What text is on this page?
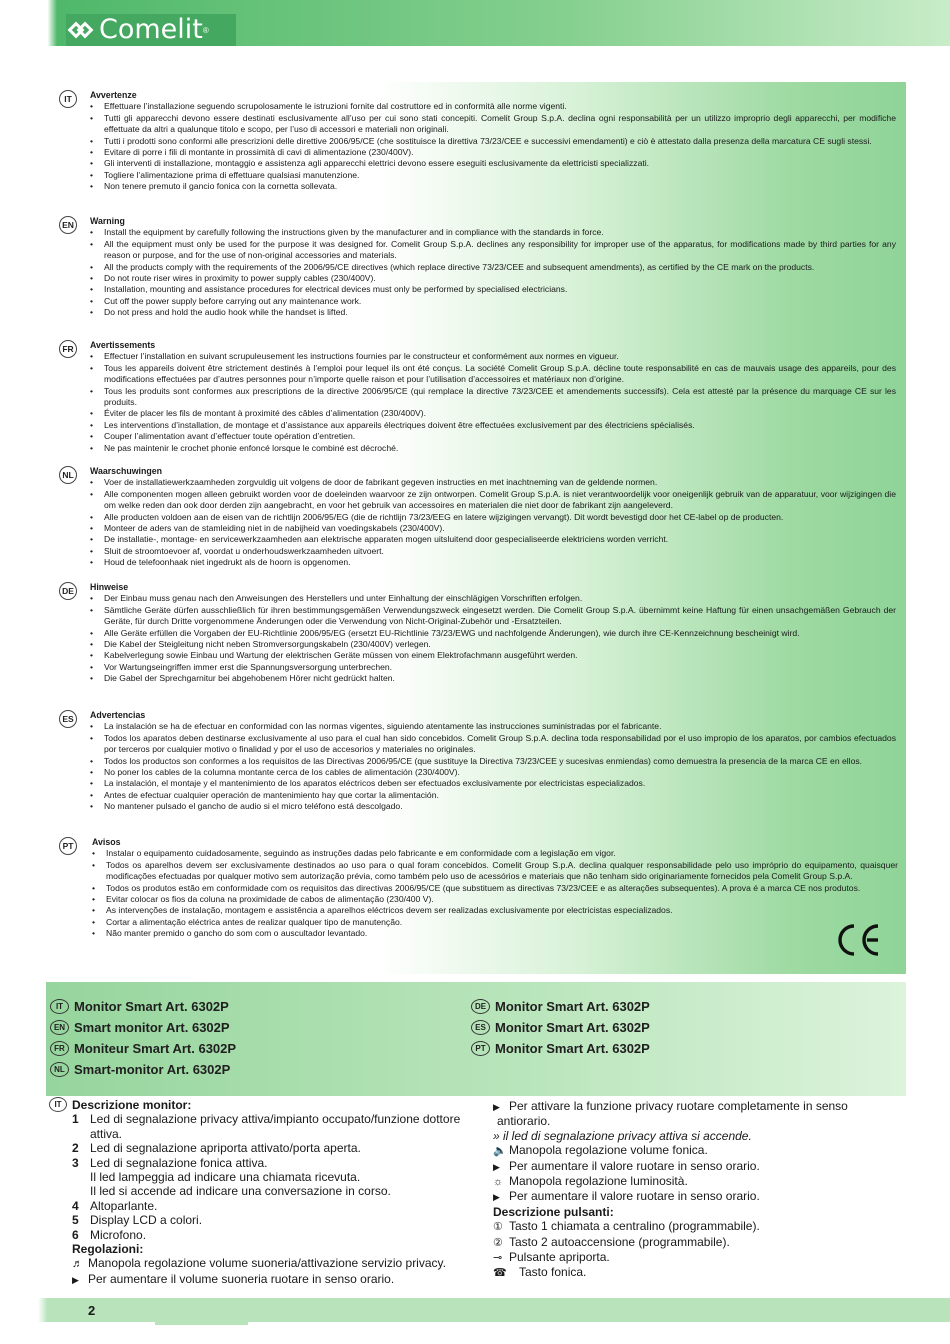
Comelit ®
IT	Avvertenze
• Effettuare l’installazione seguendo scrupolosamente le istruzioni fornite dal costruttore ed in conformità alle norme vigenti.
• Tutti gli apparecchi devono essere destinati esclusivamente all’uso per cui sono stati concepiti. Comelit Group S.p.A. declina ogni responsabilità per un utilizzo improprio degli apparecchi, per modifiche effettuate da altri a qualunque titolo e scopo, per l’uso di accessori e materiali non originali.
• Tutti i prodotti sono conformi alle prescrizioni delle direttive 2006/95/CE (che sostituisce la direttiva 73/23/CEE e successivi emendamenti) e ciò è attestato dalla presenza della marcatura CE sugli stessi.
• Evitare di porre i fili di montante in prossimità di cavi di alimentazione (230/400V).
• Gli interventi di installazione, montaggio e assistenza agli apparecchi elettrici devono essere eseguiti esclusivamente da elettricisti specializzati.
• Togliere l’alimentazione prima di effettuare qualsiasi manutenzione.
• Non tenere premuto il gancio fonica con la cornetta sollevata.
EN	Warning
• Install the equipment by carefully following the instructions given by the manufacturer and in compliance with the standards in force.
• All the equipment must only be used for the purpose it was designed for. Comelit Group S.p.A. declines any responsibility for improper use of the apparatus, for modifications made by third parties for any reason or purpose, and for the use of non-original accessories and materials.
• All the products comply with the requirements of the 2006/95/CE directives (which replace directive 73/23/CEE and subsequent amendments), as certified by the CE mark on the products.
• Do not route riser wires in proximity to power supply cables (230/400V).
• Installation, mounting and assistance procedures for electrical devices must only be performed by specialised electricians.
• Cut off the power supply before carrying out any maintenance work.
• Do not press and hold the audio hook while the handset is lifted.
FR	Avertissements
• Effectuer l’installation en suivant scrupuleusement les instructions fournies par le constructeur et conformément aux normes en vigueur.
• Tous les appareils doivent être strictement destinés à l’emploi pour lequel ils ont été conçus. La société Comelit Group S.p.A. décline toute responsabilité en cas de mauvais usage des appareils, pour des modifications effectuées par d’autres personnes pour n’importe quelle raison et pour l’utilisation d’accessoires et matériaux non d’origine.
• Tous les produits sont conformes aux prescriptions de la directive 2006/95/CE (qui remplace la directive 73/23/CEE et amendements successifs). Cela est attesté par la présence du marquage CE sur les produits.
• Éviter de placer les fils de montant à proximité des câbles d’alimentation (230/400V).
• Les interventions d’installation, de montage et d’assistance aux appareils électriques doivent être effectuées exclusivement par des électriciens spécialisés.
• Couper l’alimentation avant d’effectuer toute opération d’entretien.
• Ne pas maintenir le crochet phonie enfoncé lorsque le combiné est décroché.
NL	Waarschuwingen
• Voer de installatiewerkzaamheden zorgvuldig uit volgens de door de fabrikant gegeven instructies en met inachtneming van de geldende normen.
• Alle componenten mogen alleen gebruikt worden voor de doeleinden waarvoor ze zijn ontworpen. Comelit Group S.p.A. is niet verantwoordelijk voor oneigenlijk gebruik van de apparatuur, voor wijzigingen die om welke reden dan ook door derden zijn aangebracht, en voor het gebruik van accessoires en materialen die niet door de fabrikant zijn aangeleverd.
• Alle producten voldoen aan de eisen van de richtlijn 2006/95/EG (die de richtlijn 73/23/EEG en latere wijzigingen vervangt). Dit wordt bevestigd door het CE-label op de producten.
• Monteer de aders van de stamleiding niet in de nabijheid van voedingskabels (230/400V).
• De installatie-, montage- en servicewerkzaamheden aan elektrische apparaten mogen uitsluitend door gespecialiseerde elektriciens worden verricht.
• Sluit de stroomtoevoer af, voordat u onderhoudswerkzaamheden uitvoert.
• Houd de telefoonhaak niet ingedrukt als de hoorn is opgenomen.
DE	Hinweise
• Der Einbau muss genau nach den Anweisungen des Herstellers und unter Einhaltung der einschlägigen Vorschriften erfolgen.
• Sämtliche Geräte dürfen ausschließlich für ihren bestimmungsgemäßen Verwendungszweck eingesetzt werden. Die Comelit Group S.p.A. übernimmt keine Haftung für einen unsachgemäßen Gebrauch der Geräte, für durch Dritte vorgenommene Änderungen oder die Verwendung von Nicht-Original-Zubehör und -Ersatzteilen.
• Alle Geräte erfüllen die Vorgaben der EU-Richtlinie 2006/95/EG (ersetzt EU-Richtlinie 73/23/EWG und nachfolgende Änderungen), wie durch ihre CE-Kennzeichnung bescheinigt wird.
• Die Kabel der Steigleitung nicht neben Stromversorgungskabeln (230/400V) verlegen.
• Kabelverlegung sowie Einbau und Wartung der elektrischen Geräte müssen von einem Elektrofachmann ausgeführt werden.
• Vor Wartungseingriffen immer erst die Spannungsversorgung unterbrechen.
• Die Gabel der Sprechgarnitur bei abgehobenem Hörer nicht gedrückt halten.
ES	Advertencias
• La instalación se ha de efectuar en conformidad con las normas vigentes, siguiendo atentamente las instrucciones suministradas por el fabricante.
• Todos los aparatos deben destinarse exclusivamente al uso para el cual han sido concebidos. Comelit Group S.p.A. declina toda responsabilidad por el uso impropio de los aparatos, por cambios efectuados por terceros por cualquier motivo o finalidad y por el uso de accesorios y materiales no originales.
• Todos los productos son conformes a los requisitos de las Directivas 2006/95/CE (que sustituye la Directiva 73/23/CEE y sucesivas enmiendas) como demuestra la presencia de la marca CE en ellos.
• No poner los cables de la columna montante cerca de los cables de alimentación (230/400V).
• La instalación, el montaje y el mantenimiento de los aparatos eléctricos deben ser efectuados exclusivamente por electricistas especializados.
• Antes de efectuar cualquier operación de mantenimiento hay que cortar la alimentación.
• No mantener pulsado el gancho de audio si el micro teléfono está descolgado.
PT	Avisos
• Instalar o equipamento cuidadosamente, seguindo as instruções dadas pelo fabricante e em conformidade com a legislação em vigor.
• Todos os aparelhos devem ser exclusivamente destinados ao uso para o qual foram concebidos. Comelit Group S.p.A. declina qualquer responsabilidade pelo uso impróprio do equipamento, quaisquer modificações efectuadas por qualquer motivo sem autorização prévia, como também pelo uso de acessórios e materiais que não tenham sido originariamente fornecidos pela Comelit Group S.p.A.
• Todos os produtos estão em conformidade com os requisitos das directivas 2006/95/CE (que substituem as directivas 73/23/CEE e as alterações subsequentes). A prova é a marca CE nos produtos.
• Evitar colocar os fios da coluna na proximidade de cabos de alimentação (230/400 V).
• As intervenções de instalação, montagem e assistência a aparelhos eléctricos devem ser realizadas exclusivamente por electricistas especializados.
• Cortar a alimentação eléctrica antes de realizar qualquer tipo de manutenção.
• Não manter premido o gancho do som com o auscultador levantado.
IT Monitor Smart Art. 6302P
EN Smart monitor Art. 6302P
FR Moniteur Smart Art. 6302P
NL Smart-monitor Art. 6302P
DE Monitor Smart Art. 6302P
ES Monitor Smart Art. 6302P
PT Monitor Smart Art. 6302P
IT Descrizione monitor:
1 Led di segnalazione privacy attiva/impianto occupato/funzione dottore
attiva.
2 Led di segnalazione apriporta attivato/porta aperta.
3 Led di segnalazione fonica attiva.
Il led lampeggia ad indicare una chiamata ricevuta.
Il led si accende ad indicare una conversazione in corso.
4 Altoparlante.
5 Display LCD a colori.
6 Microfono.
Regolazioni:
♬ Manopola regolazione volume suoneria/attivazione servizio privacy.
▶ Per aumentare il volume suoneria ruotare in senso orario.
▶ Per attivare la funzione privacy ruotare completamente in senso
antiorario.
» il led di segnalazione privacy attiva si accende.
🔈 Manopola regolazione volume fonica.
▶ Per aumentare il valore ruotare in senso orario.
☼ Manopola regolazione luminosità.
▶ Per aumentare il valore ruotare in senso orario.
Descrizione pulsanti:
① Tasto 1 chiamata a centralino (programmabile).
② Tasto 2 autoaccensione (programmabile).
⊸ Pulsante apriporta.
☎ Tasto fonica.
2
